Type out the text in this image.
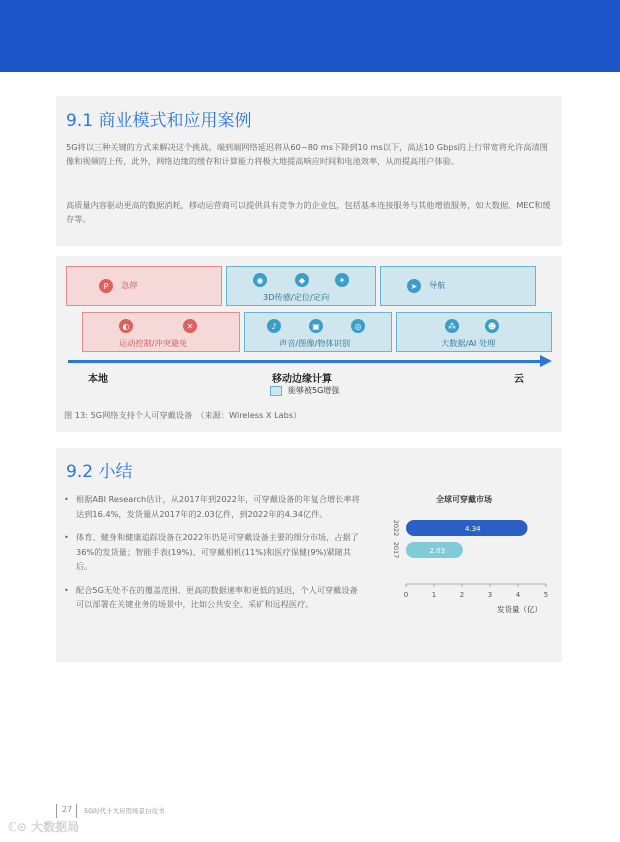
9.1 商业模式和应用案例
5G将以三种关键的方式来解决这个挑战。端到端网络延迟将从60~80 ms下降到10 ms以下，高达10 Gbps的上行带宽将允许高清图像和视频的上传，此外，网络边缘的缓存和计算能力将极大地提高响应时间和电池效率，从而提高用户体验。
高质量内容驱动更高的数据消耗，移动运营商可以提供具有竞争力的企业包，包括基本连接服务与其他增值服务，如大数据、MEC和缓存等。
P	急停	◉	◆	✦
3D传感/定位/定向
➤	导航
◐	✕
运动控制/冲突避免
♪	▣	◎
声音/图像/物体识别
⁂	☻
大数据/AI 处理
本地	移动边缘计算	云
能够被5G增强
图 13: 5G网络支持个人可穿戴设备　（来源：Wireless X Labs）
9.2 小结
• 根据ABI Research估计，从2017年到2022年，可穿戴设备的年复合增长率将达到16.4%，发货量从2017年的2.03亿件，到2022年的4.34亿件。
• 体育、健身和健康追踪设备在2022年仍是可穿戴设备主要的细分市场，占据了36%的发货量；智能手表(19%)、可穿戴相机(11%)和医疗保健(9%)紧随其后。
• 配合5G无处不在的覆盖范围、更高的数据速率和更低的延迟，个人可穿戴设备可以部署在关键业务的场景中，比如公共安全、采矿和远程医疗。
全球可穿戴市场
0	1	2	3	4	5
4.34
2022
2.03
2017
发货量（亿）
27 5G时代十大应用场景白皮书
ℂ⊙ 大数据局
